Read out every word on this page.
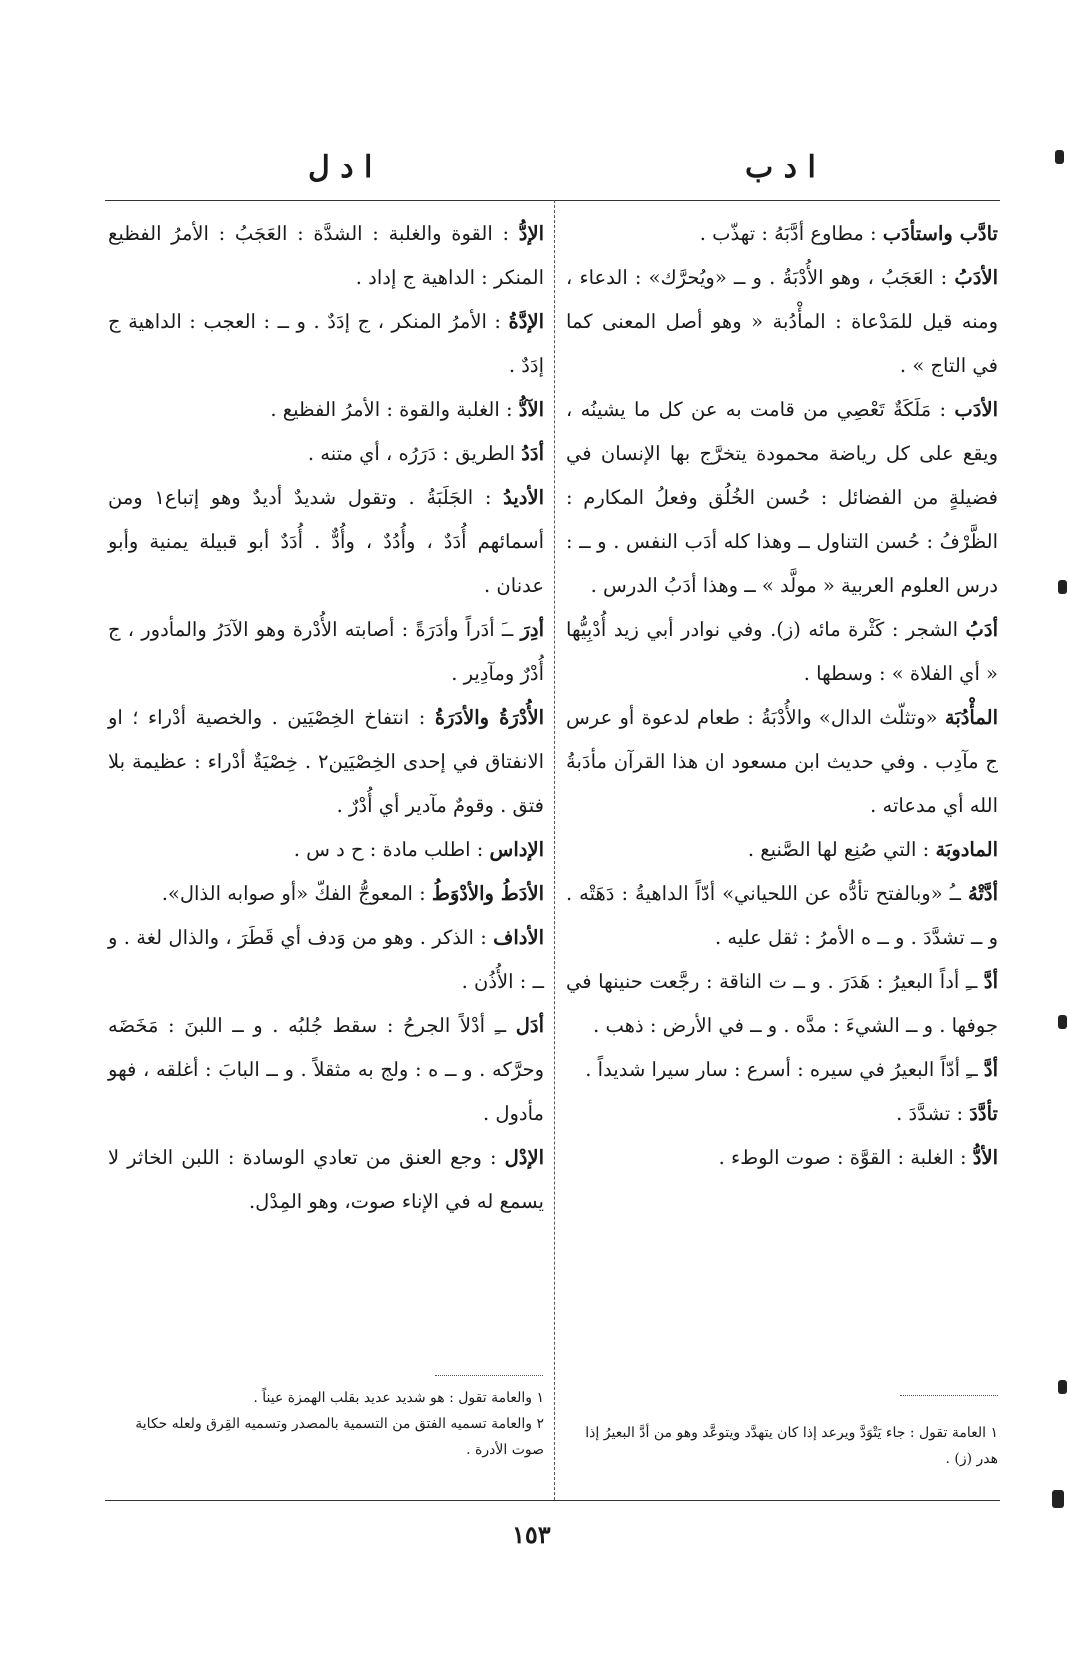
ا د ب
ا د ل

تادَّب واستأدَب : مطاوع أدَّبَهُ : تهذّب .

الأدَبُ : العَجَبُ ، وهو الأُدْبَةُ . و ــ «ويُحرَّك» : الدعاء ، ومنه قيل للمَدْعاة : المأْدُبة « وهو أصل المعنى كما في التاج » .

الأدَب : مَلَكَةٌ تَعْصِي من قامت به عن كل ما يشينُه ، ويقع على كل رياضة محمودة يتخرَّج بها الإنسان في فضيلةٍ من الفضائل : حُسن الخُلُق وفعلُ المكارم : الظَّرْفُ : حُسن التناول ــ وهذا كله أدَب النفس . و ــ : درس العلوم العربية « مولَّد » ــ وهذا أدَبُ الدرس .

أدَبُ الشجر : كَثْرة مائه (ز). وفي نوادر أبي زيد أُدْبِيُّها « أي الفلاة » : وسطها .

المأْدُبَة «وتثلّث الدال» والأُدْبَةُ : طعام لدعوة أو عرس ج مآدِب . وفي حديث ابن مسعود ان هذا القرآن مأدَبةُ الله أي مدعاته .

المادوبَة : التي صُنِع لها الصَّنيع .

أدَّتْهُ ــُ «وبالفتح تأدُّه عن اللحياني» أدّاً الداهيةُ : دَهَتْه . و ــ تشدَّدَ . و ــ ه الأمرُ : ثقل عليه .

أدَّ ــِ أداً البعيرُ : هَدَرَ . و ــ ت الناقة : رجَّعت حنينها في جوفها . و ــ الشيءَ : مدَّه . و ــ في الأرض : ذهب .

أدَّ ــِ أدّاً البعيرُ في سيره : أسرع : سار سيرا شديداً .

تأدَّدَ : تشدَّدَ .

الأدُّ : الغلبة : القوَّة : صوت الوطء .

الإدُّ : القوة والغلبة : الشدَّة : العَجَبُ : الأمرُ الفظيع المنكر : الداهية ج إداد .

الإدَّةُ : الأمرُ المنكر ، ج إدَدٌ . و ــ : العجب : الداهية ج إدَدٌ .

الآدُّ : الغلبة والقوة : الأمرُ الفظيع .

أدَدُ الطريق : دَرَرُه ، أي متنه .

الأديدُ : الجَلَبَةُ . وتقول شديدٌ أديدٌ وهو إتباع١ ومن أسمائهم أُدَدٌ ، وأُدُدٌ ، وأُدٌّ . أُدَدٌ أبو قبيلة يمنية وأبو عدنان .

أدِرَ ــَ أدَراً وأدَرَةً : أصابته الأُدْرة وهو الآدَرُ والمأدور ، ج أُدْرٌ ومآدِير .

الأُدْرَةُ والأدَرَةُ : انتفاخ الخِصْيَين . والخصية أدْراء ؛ او الانفتاق في إحدى الخِصْيَين٢ . خِصْيَةٌ أدْراء : عظيمة بلا فتق . وقومٌ مآدير أي أُدْرٌ .

الإداس : اطلب مادة : ح د س .

الأدَطُ والأدْوَطُ : المعوجُّ الفكّ «أو صوابه الذال».

الأداف : الذكر . وهو من وَدف أي قَطَرَ ، والذال لغة . و ــ : الأُذُن .

أدَل ــِ أدْلاً الجرحُ : سقط جُلبُه . و ــ اللبنَ : مَخَضَه وحرَّكه . و ــ ه : ولج به مثقلاً . و ــ البابَ : أغلقه ، فهو مأدول .

الإدْل : وجع العنق من تعادي الوسادة : اللبن الخاثر لا يسمع له في الإناء صوت، وهو المِدْل.

١ العامة تقول : جاء يَتْوَدَّ ويرعد إذا كان يتهدَّد ويتوعَّد وهو من أدَّ البعيرُ إذا هدر (ز) .
١ والعامة تقول : هو شديد عديد بقلب الهمزة عيناً .
٢ والعامة تسميه الفتق من التسمية بالمصدر وتسميه القِرق ولعله حكاية صوت الأدرة .
١٥٣
